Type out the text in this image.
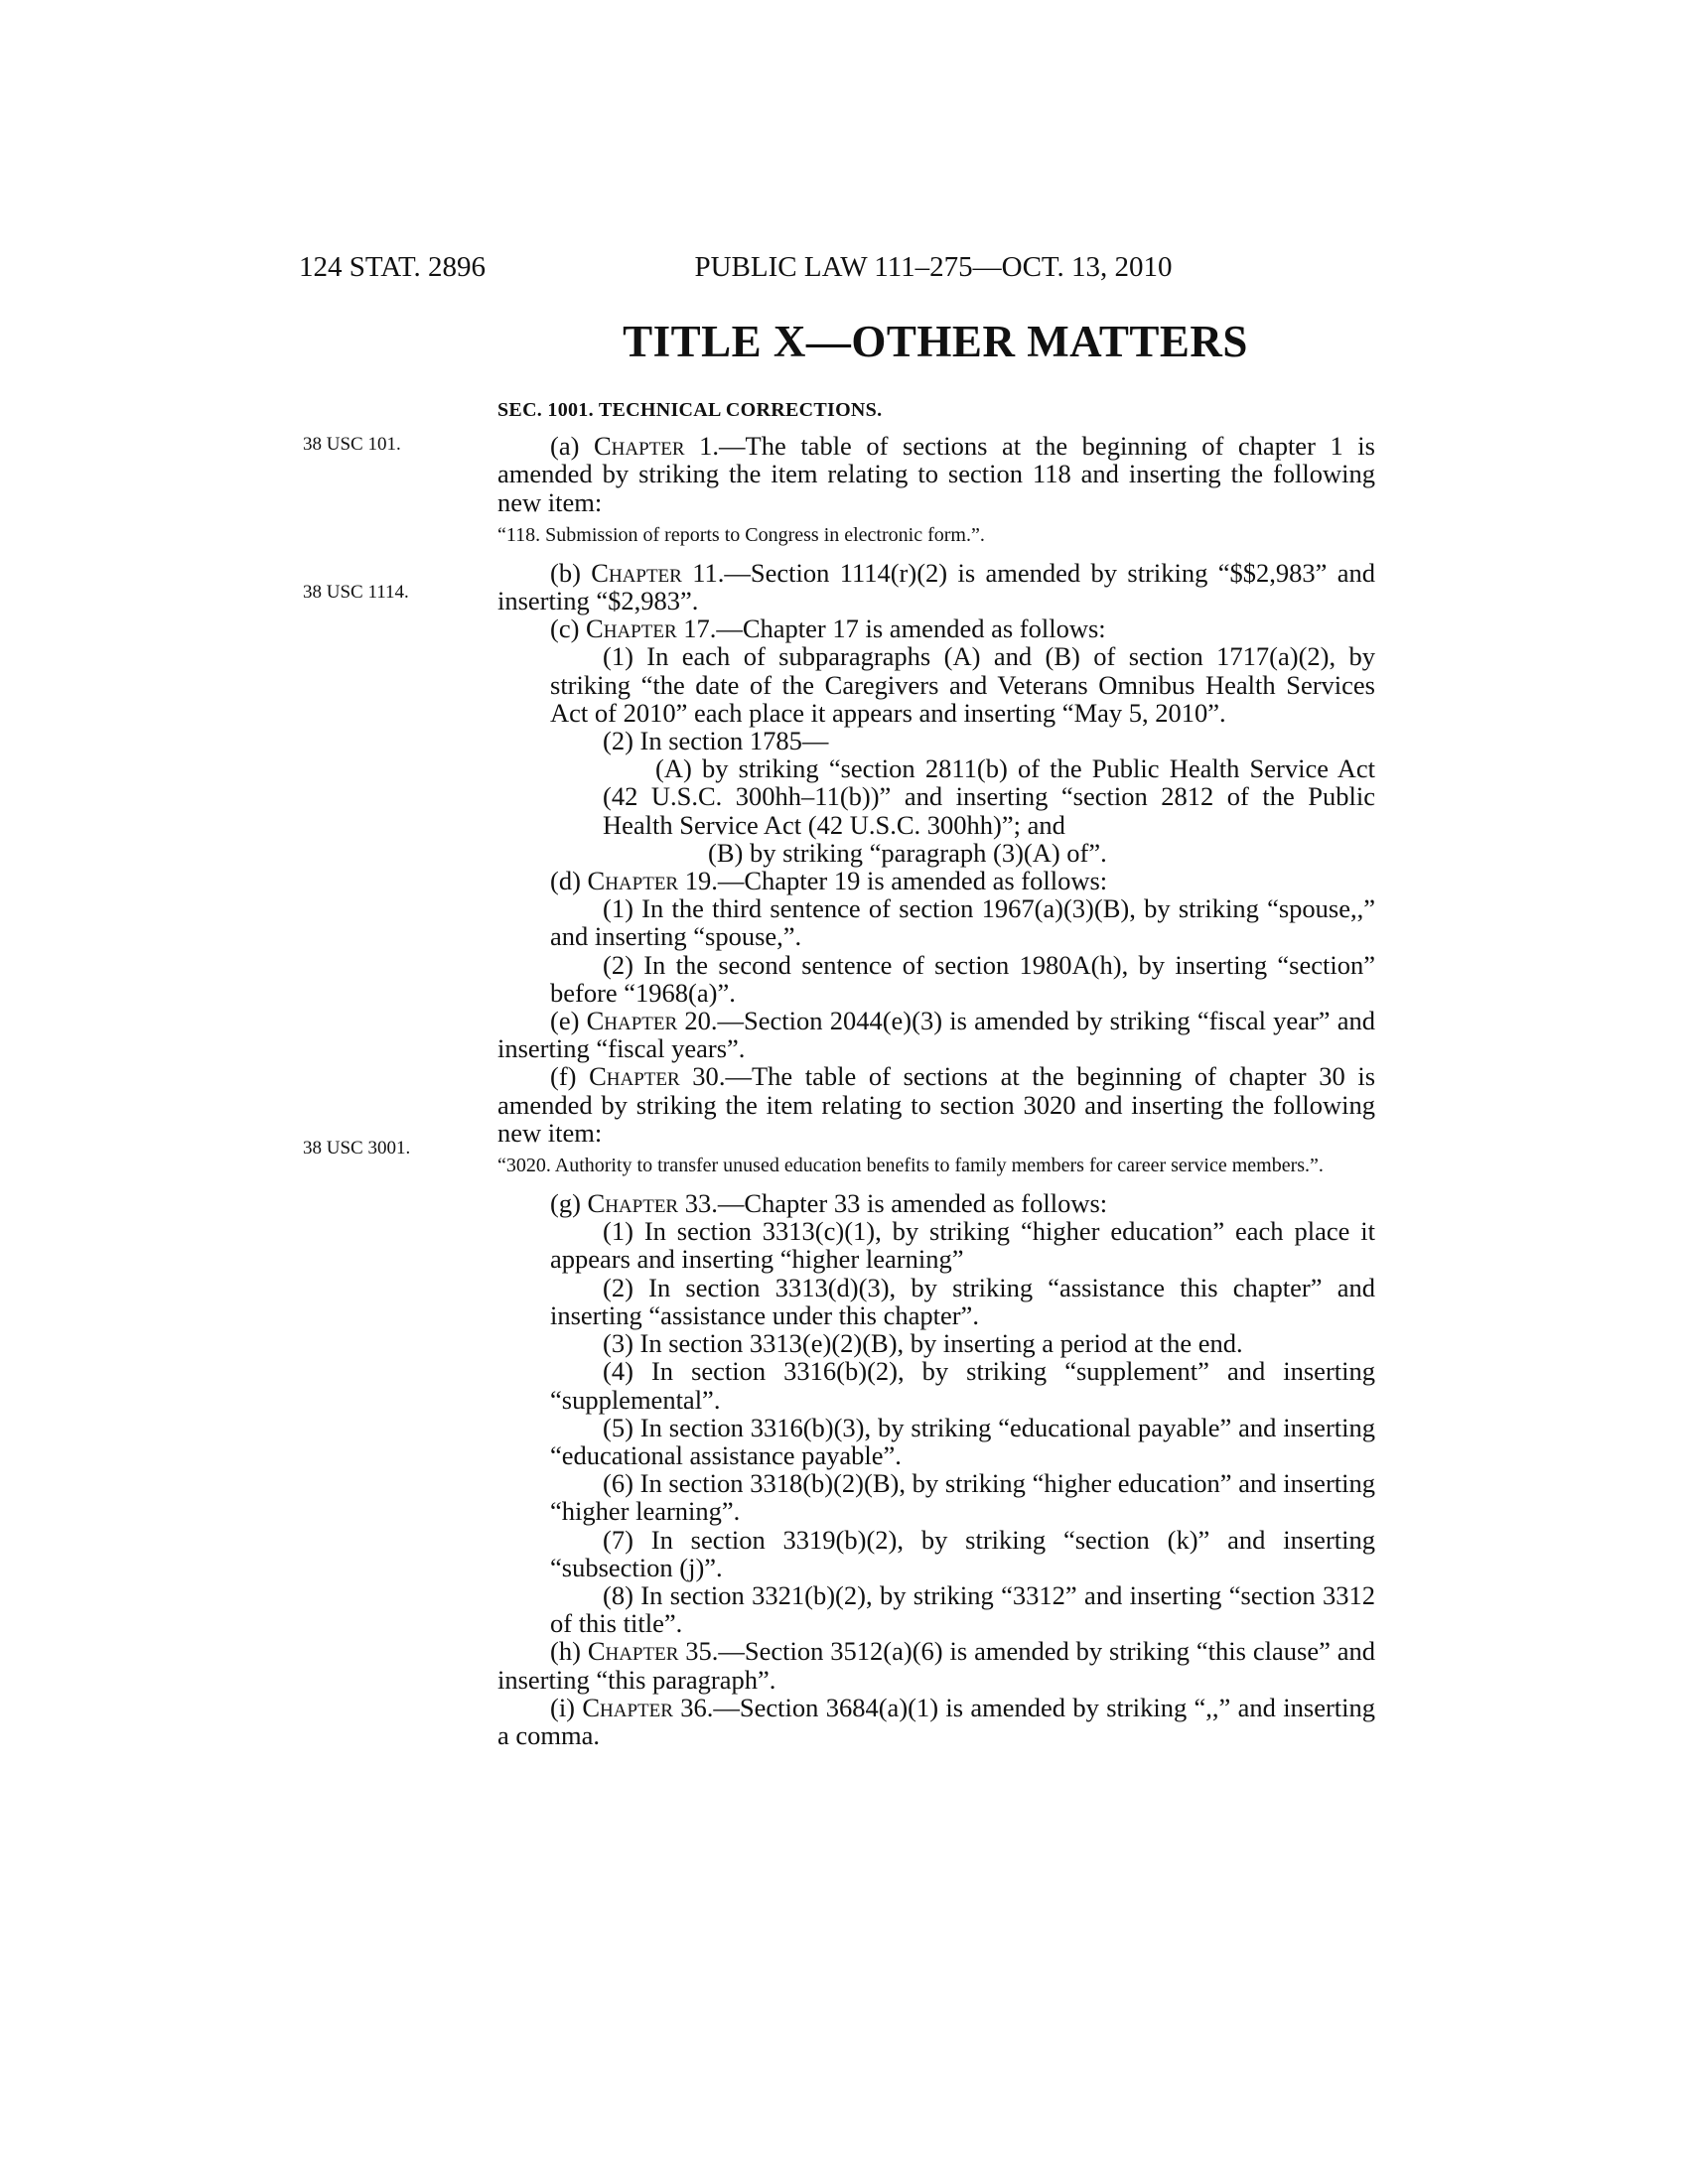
124 STAT. 2896	PUBLIC LAW 111–275—OCT. 13, 2010
TITLE X—OTHER MATTERS
38 USC 101.
38 USC 1114.
38 USC 3001.

SEC. 1001. TECHNICAL CORRECTIONS.

(a) Chapter 1.—The table of sections at the beginning of chapter 1 is amended by striking the item relating to section 118 and inserting the following new item:

“118. Submission of reports to Congress in electronic form.”.

(b) Chapter 11.—Section 1114(r)(2) is amended by striking “$$2,983” and inserting “$2,983”.

(c) Chapter 17.—Chapter 17 is amended as follows:

(1) In each of subparagraphs (A) and (B) of section 1717(a)(2), by striking “the date of the Caregivers and Veterans Omnibus Health Services Act of 2010” each place it appears and inserting “May 5, 2010”.

(2) In section 1785—

(A) by striking “section 2811(b) of the Public Health Service Act (42 U.S.C. 300hh–11(b))” and inserting “section 2812 of the Public Health Service Act (42 U.S.C. 300hh)”; and

(B) by striking “paragraph (3)(A) of”.

(d) Chapter 19.—Chapter 19 is amended as follows:

(1) In the third sentence of section 1967(a)(3)(B), by striking “spouse,,” and inserting “spouse,”.

(2) In the second sentence of section 1980A(h), by inserting “section” before “1968(a)”.

(e) Chapter 20.—Section 2044(e)(3) is amended by striking “fiscal year” and inserting “fiscal years”.

(f) Chapter 30.—The table of sections at the beginning of chapter 30 is amended by striking the item relating to section 3020 and inserting the following new item:

“3020. Authority to transfer unused education benefits to family members for career service members.”.

(g) Chapter 33.—Chapter 33 is amended as follows:

(1) In section 3313(c)(1), by striking “higher education” each place it appears and inserting “higher learning”

(2) In section 3313(d)(3), by striking “assistance this chapter” and inserting “assistance under this chapter”.

(3) In section 3313(e)(2)(B), by inserting a period at the end.

(4) In section 3316(b)(2), by striking “supplement” and inserting “supplemental”.

(5) In section 3316(b)(3), by striking “educational payable” and inserting “educational assistance payable”.

(6) In section 3318(b)(2)(B), by striking “higher education” and inserting “higher learning”.

(7) In section 3319(b)(2), by striking “section (k)” and inserting “subsection (j)”.

(8) In section 3321(b)(2), by striking “3312” and inserting “section 3312 of this title”.

(h) Chapter 35.—Section 3512(a)(6) is amended by striking “this clause” and inserting “this paragraph”.

(i) Chapter 36.—Section 3684(a)(1) is amended by striking “,,” and inserting a comma.
